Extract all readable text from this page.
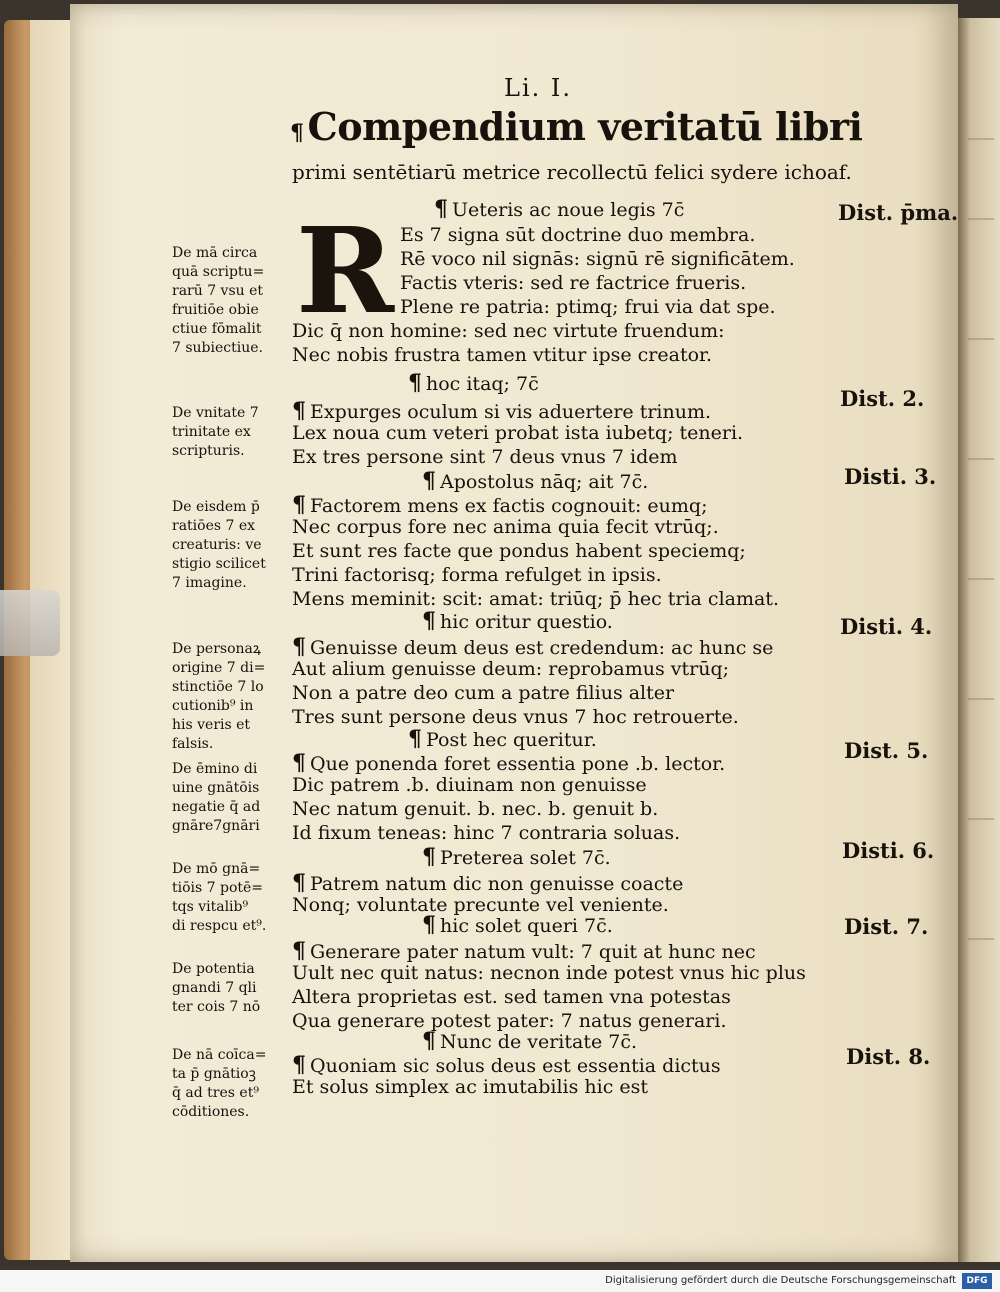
Li. I.
¶ Compendium veritatū libri
primi sentētiarū metrice recollectū felici sydere ichoaf.
R ¶ Ueteris ac noue legis 7c̄	Dist. p̄ma.
De mā circa
quā scriptu=
rarū 7 vsu et
fruitiōe obie
ctiue fōmalit
7 subiectiue.
Es 7 signa sūt doctrine duo membra.
Rē voco nil signās: signū rē significātem.
Factis vteris: sed re factrice frueris.
Plene re patria: ptimq; frui via dat spe.
Dic q̄ non homine: sed nec virtute fruendum:
Nec nobis frustra tamen vtitur ipse creator.
¶ hoc itaq; 7c̄
Dist. 2.
De vnitate 7
trinitate ex
scripturis.
¶ Expurges oculum si vis aduertere trinum.
Lex noua cum veteri probat ista iubetq; teneri.
Ex tres persone sint 7 deus vnus 7 idem
¶ Apostolus nāq; ait 7c̄.	Disti. 3.
De eisdem p̄
ratiōes 7 ex
creaturis: ve
stigio scilicet
7 imagine.
¶ Factorem mens ex factis cognouit: eumq;
Nec corpus fore nec anima quia fecit vtrūq;.
Et sunt res facte que pondus habent speciemq;
Trini factorisq; forma refulget in ipsis.
Mens meminit: scit: amat: triūq; p̄ hec tria clamat.
¶ hic oritur questio.	Disti. 4.
De personaꝝ
origine 7 di=
stinctiōe 7 lo
cutionib⁹ in
his veris et
falsis.
¶ Genuisse deum deus est credendum: ac hunc se
Aut alium genuisse deum: reprobamus vtrūq;
Non a patre deo cum a patre filius alter
Tres sunt persone deus vnus 7 hoc retrouerte.
¶ Post hec queritur.	Dist. 5.
De ēmino di
uine gnātōis
negatie q̄ ad
gnāre7gnāri
¶ Que ponenda foret essentia pone .b. lector.
Dic patrem .b. diuinam non genuisse
Nec natum genuit. b. nec. b. genuit b.
Id fixum teneas: hinc 7 contraria soluas.
¶ Preterea solet 7c̄.	Disti. 6.
De mō gnā=
tiōis 7 potē=
tqs vitalib⁹
di respcu et⁹.
¶ Patrem natum dic non genuisse coacte
Nonq; voluntate precunte vel veniente.
¶ hic solet queri 7c̄.	Dist. 7.
De potentia
gnandi 7 qli
ter cois 7 nō
¶ Generare pater natum vult: 7 quit at hunc nec
Uult nec quit natus: necnon inde potest vnus hic plus
Altera proprietas est. sed tamen vna potestas
Qua generare potest pater: 7 natus generari.
¶ Nunc de veritate 7c̄.
Dist. 8.
De nā coīca=
ta p̄ gnātioꝫ
q̄ ad tres et⁹
cōditiones.
¶ Quoniam sic solus deus est essentia dictus
Et solus simplex ac imutabilis hic est
Digitalisierung gefördert durch die Deutsche Forschungsgemeinschaft	DFG
